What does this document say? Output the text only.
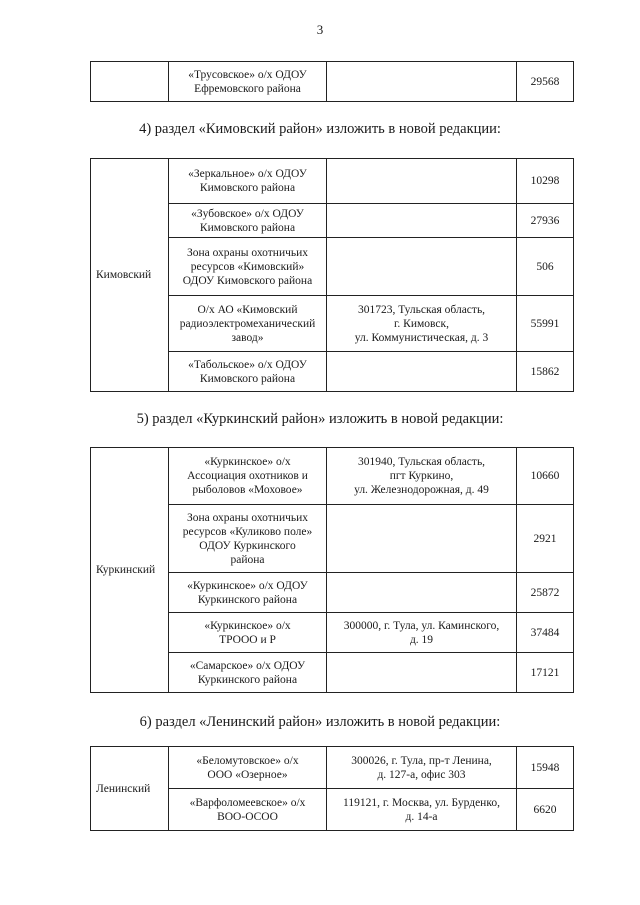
3

«Трусовское» о/х ОДОУ
Ефремовского района
		29568
4) раздел «Кимовский район» изложить в новой редакции:
Кимовский	«Зеркальное» о/х ОДОУ
Кимовского района		10298

	«Зубовское» о/х ОДОУ
Кимовского района		27936

	Зона охраны охотничьих
ресурсов «Кимовский»
ОДОУ Кимовского района		506

	О/х АО «Кимовский
радиоэлектромеханический
завод»	301723, Тульская область,
г. Кимовск,
ул. Коммунистическая, д. 3	55991

	«Табольское» о/х ОДОУ
Кимовского района		15862
5) раздел «Куркинский район» изложить в новой редакции:
Куркинский	«Куркинское» о/х
Ассоциация охотников и
рыболовов «Моховое»	301940, Тульская область,
пгт Куркино,
ул. Железнодорожная, д. 49	10660

	Зона охраны охотничьих
ресурсов «Куликово поле»
ОДОУ Куркинского
района		2921

	«Куркинское» о/х ОДОУ
Куркинского района		25872

	«Куркинское» о/х
ТРООО и Р	300000, г. Тула, ул. Каминского,
д. 19	37484

	«Самарское» о/х ОДОУ
Куркинского района		17121
6) раздел «Ленинский район» изложить в новой редакции:
Ленинский	«Беломутовское» о/х
ООО «Озерное»	300026, г. Тула, пр-т Ленина,
д. 127-а, офис 303	15948

	«Варфоломеевское» о/х
ВОО-ОСОО	119121, г. Москва, ул. Бурденко,
д. 14-а	6620
